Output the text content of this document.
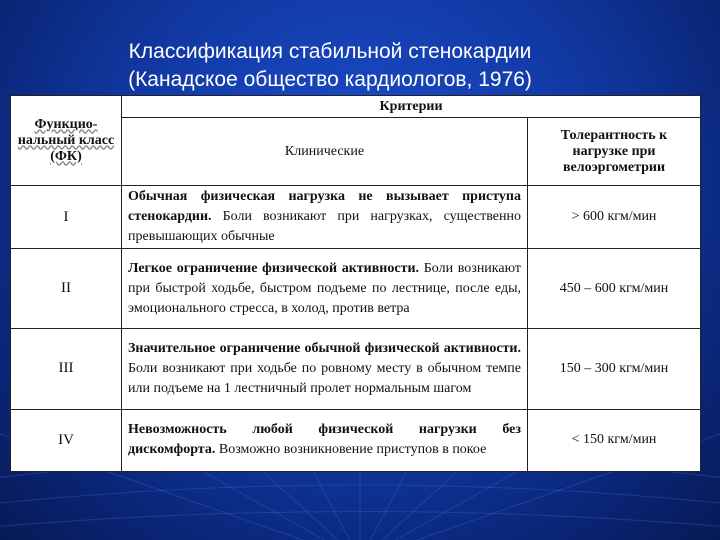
Классификация стабильной стенокардии
(Канадское общество кардиологов, 1976)
Функцио-нальный класс (ФК)	Критерии	
	Клинические	Толерантность к нагрузке при велоэргометрии
I	Обычная физическая нагрузка не вызывает приступа стенокардии. Боли возникают при нагрузках, существенно превышающих обычные	> 600 кгм/мин
II	Легкое ограничение физической активности. Боли возникают при быстрой ходьбе, быстром подъеме по лестнице, после еды, эмоционального стресса, в холод, против ветра	450 – 600 кгм/мин
III	Значительное ограничение обычной физической активности. Боли возникают при ходьбе по ровному месту в обычном темпе или подъеме на 1 лестничный пролет нормальным шагом	150 – 300 кгм/мин
IV	Невозможность любой физической нагрузки без дискомфорта. Возможно возникновение приступов в покое	< 150 кгм/мин
